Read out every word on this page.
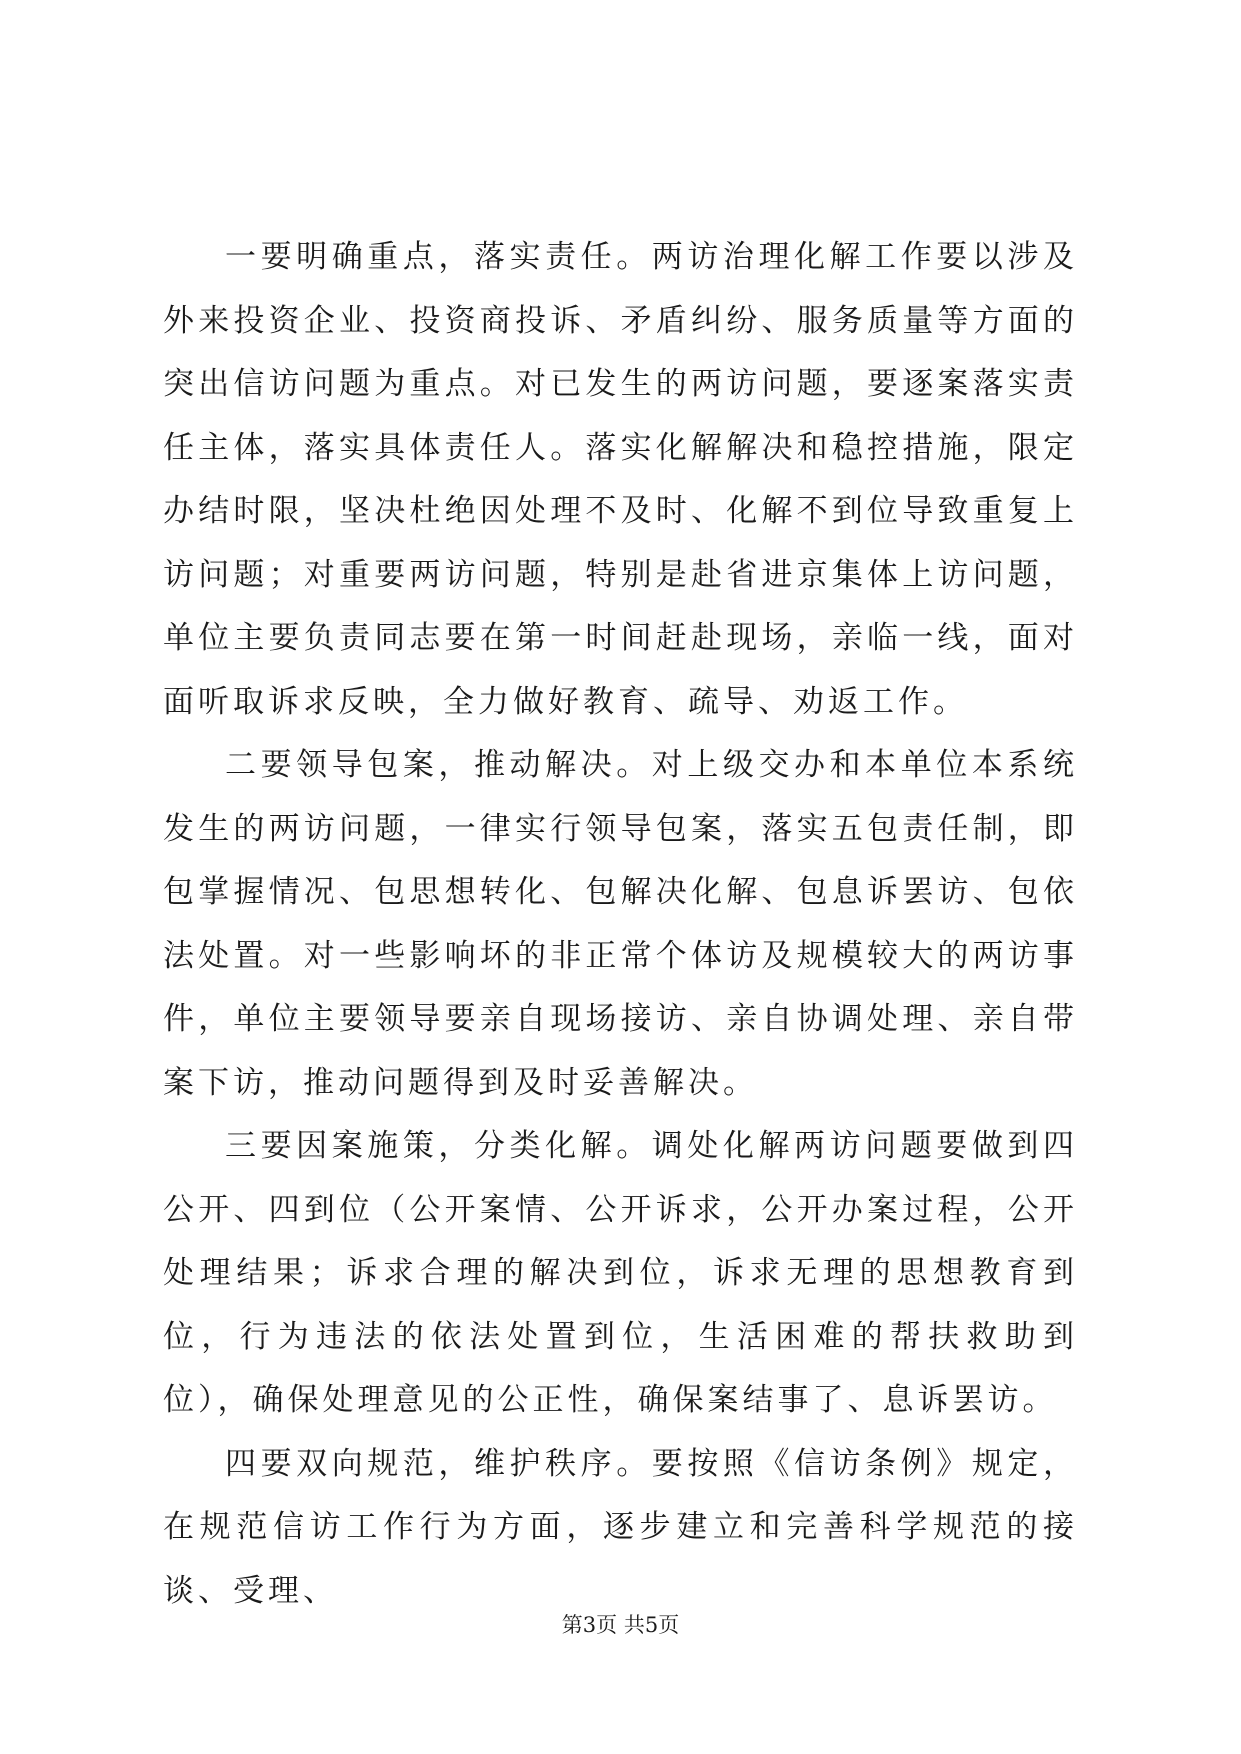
一要明确重点，落实责任。两访治理化解工作要以涉及外来投资企业、投资商投诉、矛盾纠纷、服务质量等方面的突出信访问题为重点。对已发生的两访问题，要逐案落实责任主体，落实具体责任人。落实化解解决和稳控措施，限定办结时限，坚决杜绝因处理不及时、化解不到位导致重复上访问题；对重要两访问题，特别是赴省进京集体上访问题，单位主要负责同志要在第一时间赶赴现场，亲临一线，面对面听取诉求反映，全力做好教育、疏导、劝返工作。

二要领导包案，推动解决。对上级交办和本单位本系统发生的两访问题，一律实行领导包案，落实五包责任制，即包掌握情况、包思想转化、包解决化解、包息诉罢访、包依法处置。对一些影响坏的非正常个体访及规模较大的两访事件，单位主要领导要亲自现场接访、亲自协调处理、亲自带案下访，推动问题得到及时妥善解决。

三要因案施策，分类化解。调处化解两访问题要做到四公开、四到位（公开案情、公开诉求，公开办案过程，公开处理结果；诉求合理的解决到位，诉求无理的思想教育到位，行为违法的依法处置到位，生活困难的帮扶救助到位），确保处理意见的公正性，确保案结事了、息诉罢访。

四要双向规范，维护秩序。要按照《信访条例》规定，在规范信访工作行为方面，逐步建立和完善科学规范的接谈、受理、

第3页 共5页
